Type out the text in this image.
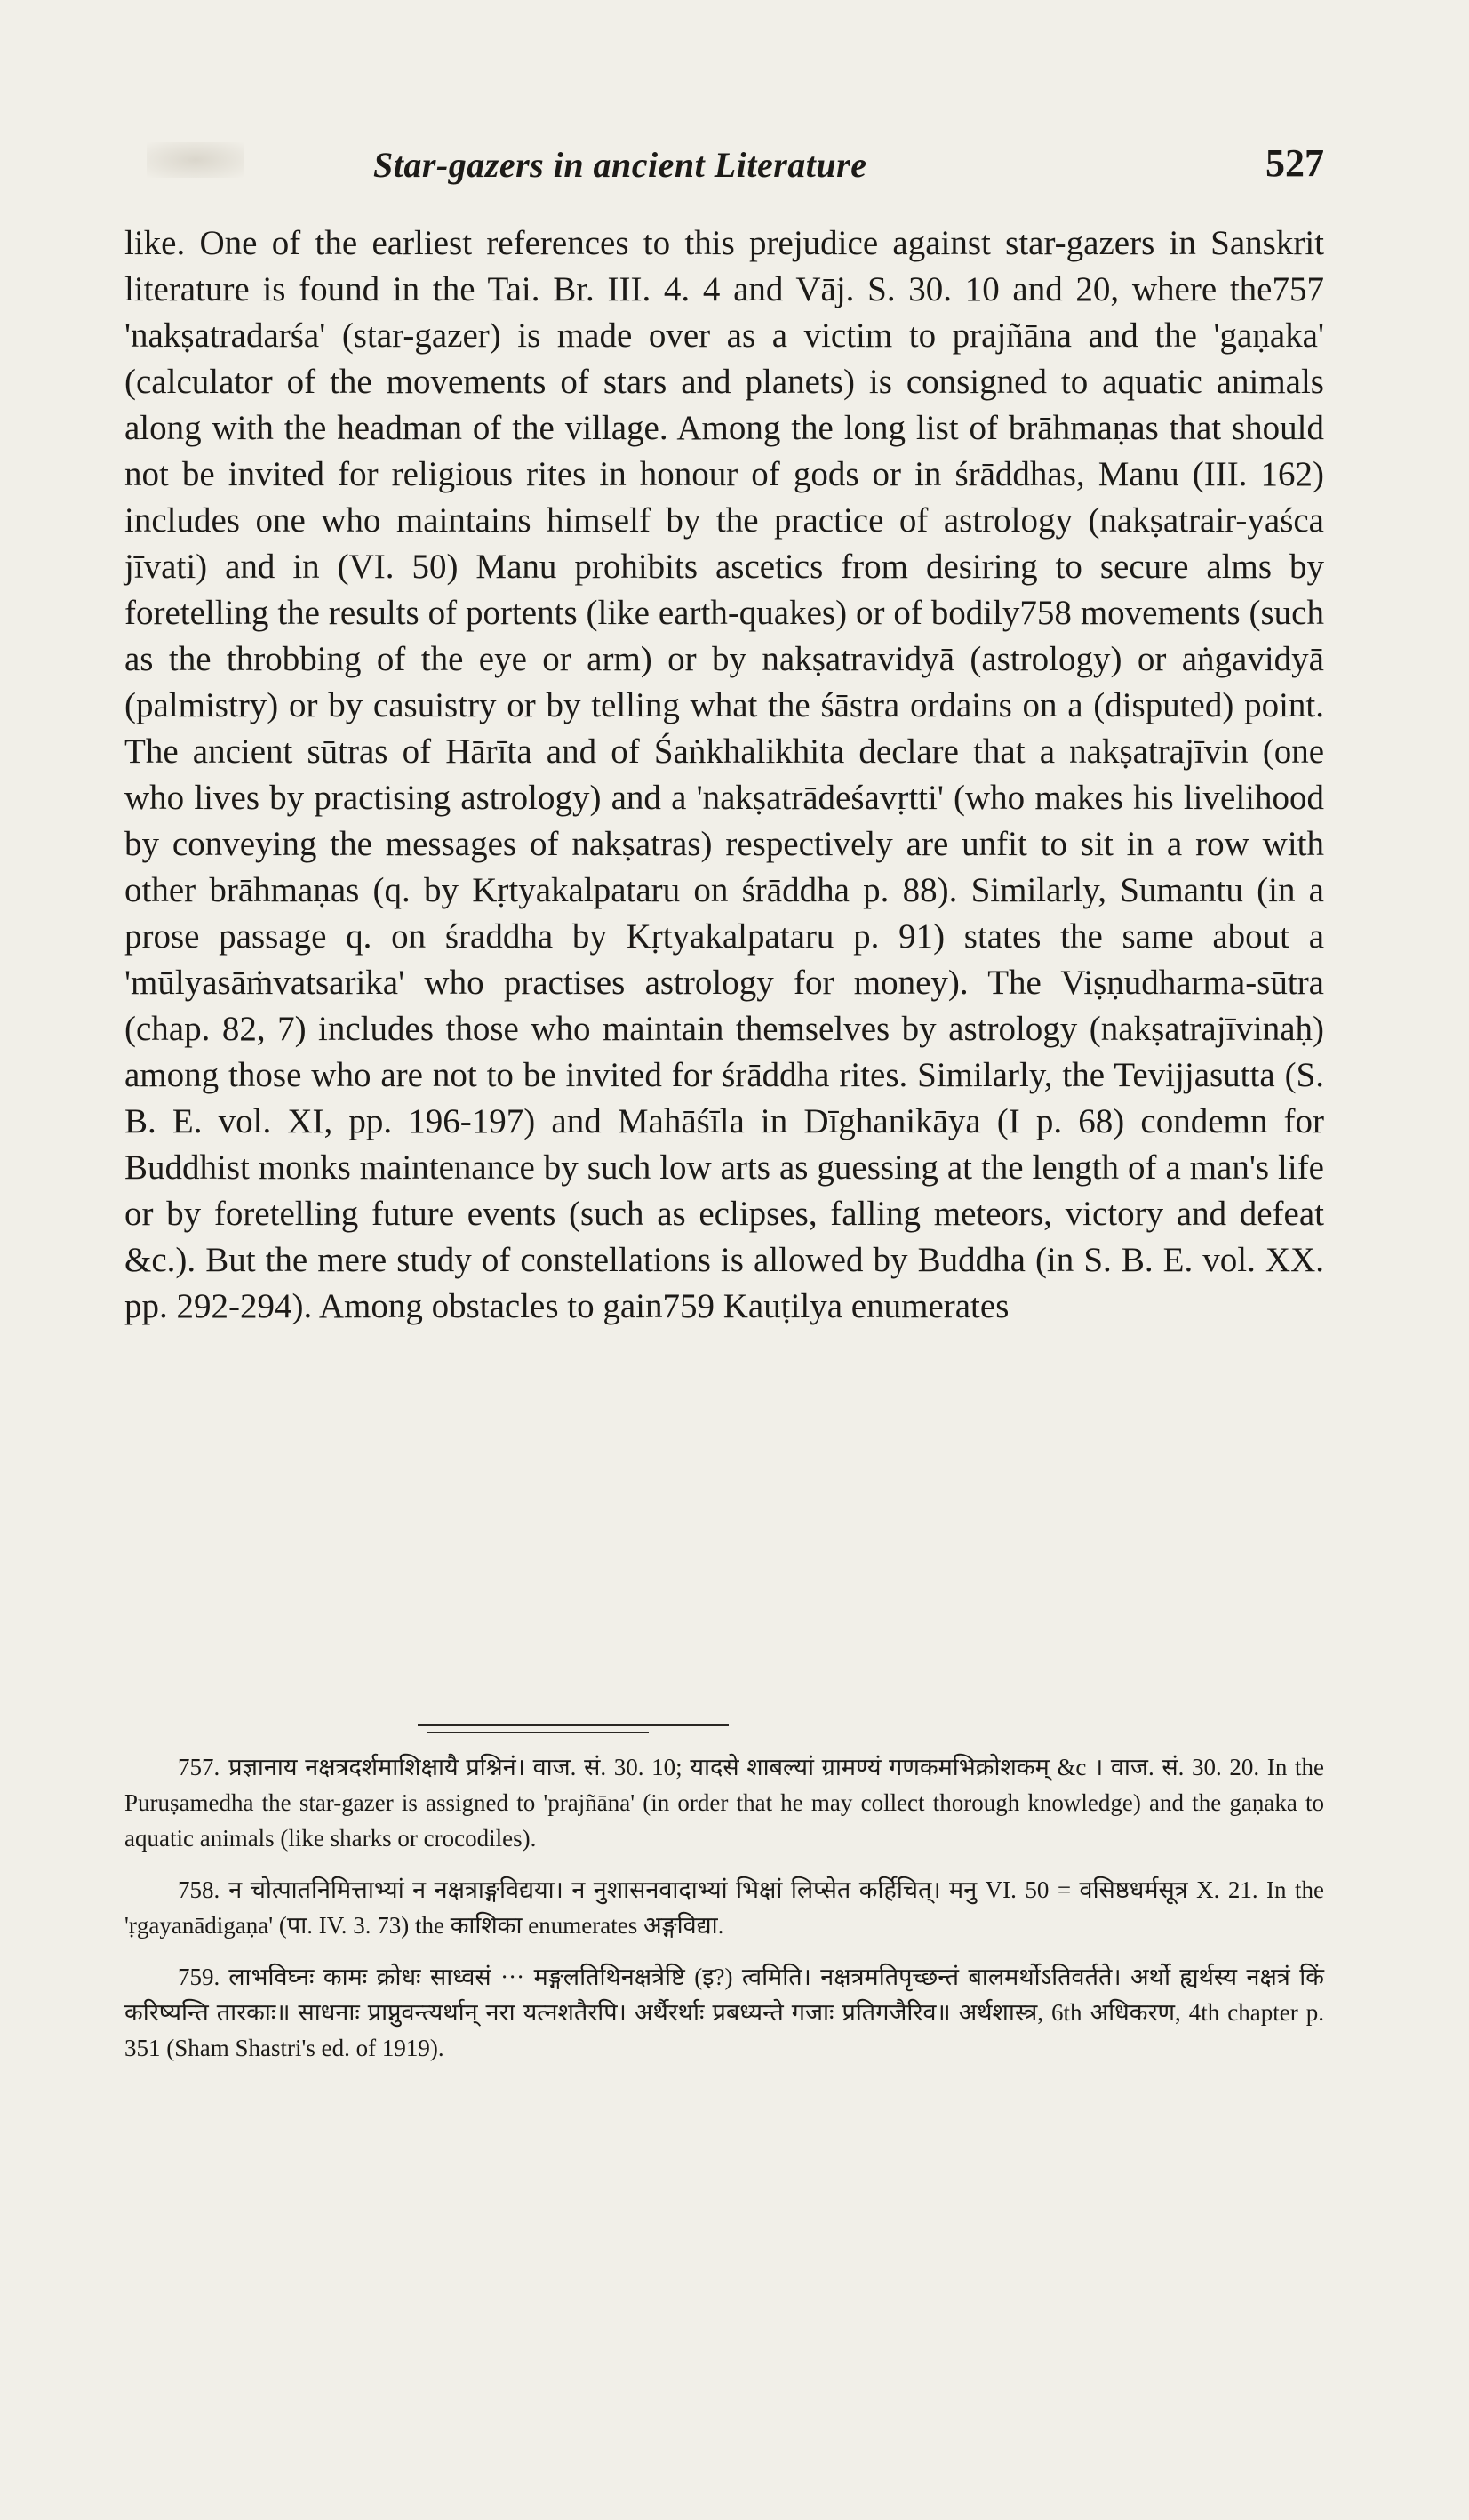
Star-gazers in ancient Literature	527

like. One of the earliest references to this prejudice against star-gazers in Sanskrit literature is found in the Tai. Br. III. 4. 4 and Vāj. S. 30. 10 and 20, where the757 'nakṣatradarśa' (star-gazer) is made over as a victim to prajñāna and the 'gaṇaka' (calculator of the movements of stars and planets) is consigned to aquatic animals along with the headman of the village. Among the long list of brāhmaṇas that should not be invited for religious rites in honour of gods or in śrāddhas, Manu (III. 162) includes one who maintains himself by the practice of astrology (nakṣatrair-yaśca jīvati) and in (VI. 50) Manu prohibits ascetics from desiring to secure alms by foretelling the results of portents (like earth-quakes) or of bodily758 movements (such as the throbbing of the eye or arm) or by nakṣatravidyā (astrology) or aṅgavidyā (palmistry) or by casuistry or by telling what the śāstra ordains on a (disputed) point. The ancient sūtras of Hārīta and of Śaṅkhalikhita declare that a nakṣatrajīvin (one who lives by practising astrology) and a 'nakṣatrādeśavṛtti' (who makes his livelihood by conveying the messages of nakṣatras) respectively are unfit to sit in a row with other brāhmaṇas (q. by Kṛtyakalpataru on śrāddha p. 88). Similarly, Sumantu (in a prose passage q. on śraddha by Kṛtyakalpataru p. 91) states the same about a 'mūlyasāṁvatsarika' who practises astrology for money). The Viṣṇudharma-sūtra (chap. 82, 7) includes those who maintain themselves by astrology (nakṣatrajīvinaḥ) among those who are not to be invited for śrāddha rites. Similarly, the Tevijjasutta (S. B. E. vol. XI, pp. 196-197) and Mahāśīla in Dīghanikāya (I p. 68) condemn for Buddhist monks maintenance by such low arts as guessing at the length of a man's life or by foretelling future events (such as eclipses, falling meteors, victory and defeat &c.). But the mere study of constellations is allowed by Buddha (in S. B. E. vol. XX. pp. 292-294). Among obstacles to gain759 Kauṭilya enumerates

757. प्रज्ञानाय नक्षत्रदर्शमाशिक्षायै प्रश्निनं। वाज. सं. 30. 10; यादसे शाबल्यां ग्रामण्यं गणकमभिक्रोशकम् &c । वाज. सं. 30. 20. In the Puruṣamedha the star-gazer is assigned to 'prajñāna' (in order that he may collect thorough knowledge) and the gaṇaka to aquatic animals (like sharks or crocodiles).

758. न चोत्पातनिमित्ताभ्यां न नक्षत्राङ्गविद्यया। न नुशासनवादाभ्यां भिक्षां लिप्सेत कर्हिचित्। मनु VI. 50 = वसिष्ठधर्मसूत्र X. 21. In the 'ṛgayanādigaṇa' (पा. IV. 3. 73) the काशिका enumerates अङ्गविद्या.

759. लाभविघ्नः कामः क्रोधः साध्वसं ··· मङ्गलतिथिनक्षत्रेष्टि (इ?) त्वमिति। नक्षत्रमतिपृच्छन्तं बालमर्थोऽतिवर्तते। अर्थो ह्यर्थस्य नक्षत्रं किं करिष्यन्ति तारकाः॥ साधनाः प्राप्नुवन्त्यर्थान् नरा यत्नशतैरपि। अर्थैरर्थाः प्रबध्यन्ते गजाः प्रतिगजैरिव॥ अर्थशास्त्र, 6th अधिकरण, 4th chapter p. 351 (Sham Shastri's ed. of 1919).
